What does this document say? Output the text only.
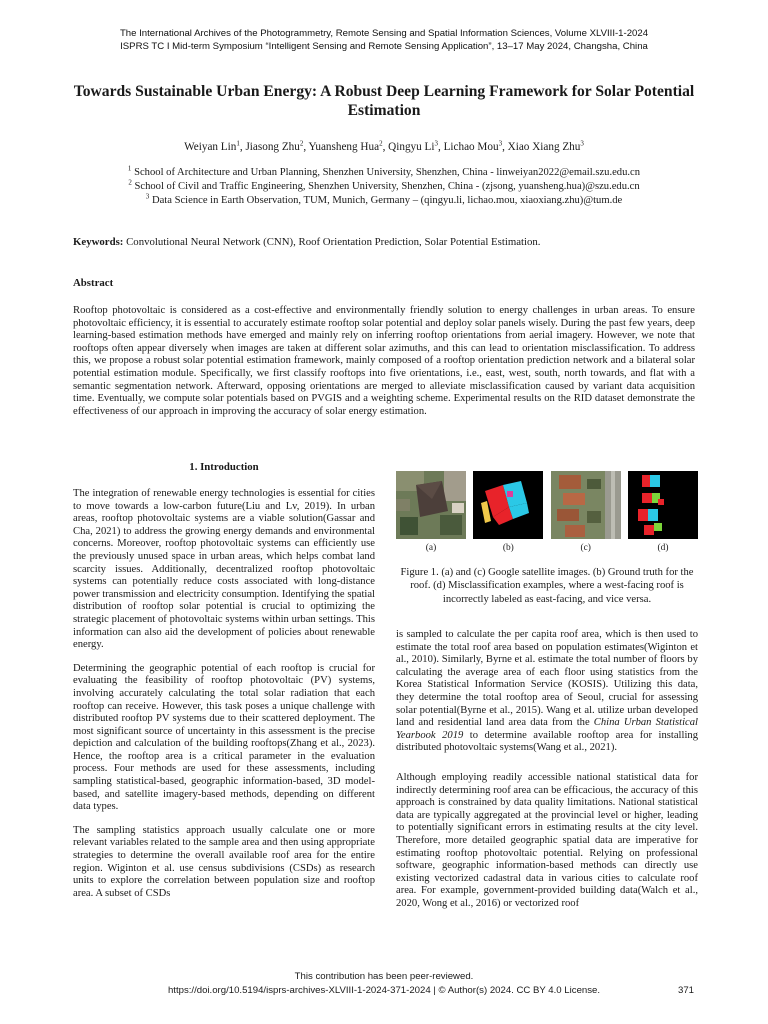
The International Archives of the Photogrammetry, Remote Sensing and Spatial Information Sciences, Volume XLVIII-1-2024
ISPRS TC I Mid-term Symposium “Intelligent Sensing and Remote Sensing Application”, 13–17 May 2024, Changsha, China
Towards Sustainable Urban Energy: A Robust Deep Learning Framework for Solar Potential Estimation
Weiyan Lin$^1$, Jiasong Zhu$^2$, Yuansheng Hua$^2$, Qingyu Li$^3$, Lichao Mou$^3$, Xiao Xiang Zhu$^3$
$^1$ School of Architecture and Urban Planning, Shenzhen University, Shenzhen, China - linweiyan2022@email.szu.edu.cn
$^2$ School of Civil and Traffic Engineering, Shenzhen University, Shenzhen, China - (zjsong, yuansheng.hua)@szu.edu.cn
$^3$ Data Science in Earth Observation, TUM, Munich, Germany – (qingyu.li, lichao.mou, xiaoxiang.zhu)@tum.de
Keywords: Convolutional Neural Network (CNN), Roof Orientation Prediction, Solar Potential Estimation.
Abstract
Rooftop photovoltaic is considered as a cost-effective and environmentally friendly solution to energy challenges in urban areas. To ensure photovoltaic efficiency, it is essential to accurately estimate rooftop solar potential and deploy solar panels wisely. During the past few years, deep learning-based estimation methods have emerged and mainly rely on inferring rooftop orientations from aerial imagery. However, we note that rooftops often appear diversely when images are taken at different solar azimuths, and this can lead to orientation misclassification. To address this, we propose a robust solar potential estimation framework, mainly composed of a rooftop orientation prediction network and a bilateral solar potential estimation module. Specifically, we first classify rooftops into five orientations, i.e., east, west, south, north towards, and flat with a semantic segmentation network. Afterward, opposing orientations are merged to alleviate misclassification caused by variant data acquisition time. Eventually, we compute solar potentials based on PVGIS and a weighting scheme. Experimental results on the RID dataset demonstrate the effectiveness of our approach in improving the accuracy of solar energy estimation.
1. Introduction

The integration of renewable energy technologies is essential for cities to move towards a low-carbon future(Liu and Lv, 2019). In urban areas, rooftop photovoltaic systems are a viable solution(Gassar and Cha, 2021) to address the growing energy demands and environmental concerns. Moreover, rooftop photovoltaic systems can efficiently use the previously unused space in urban areas, which helps combat land scarcity issues. Additionally, decentralized rooftop photovoltaic systems can potentially reduce costs associated with long-distance power transmission and electricity consumption. Identifying the spatial distribution of rooftop solar potential is crucial to optimizing the strategic placement of photovoltaic systems within urban settings. This information can also aid the development of policies about renewable energy.

Determining the geographic potential of each rooftop is crucial for evaluating the feasibility of rooftop photovoltaic (PV) systems, involving accurately calculating the total solar radiation that each rooftop can receive. However, this task poses a unique challenge with distributed rooftop PV systems due to their scattered deployment. The most significant source of uncertainty in this assessment is the precise depiction and calculation of the building rooftops(Zhang et al., 2023). Hence, the rooftop area is a critical parameter in the evaluation process. Four methods are used for these assessments, including sampling statistical-based, geographic information-based, 3D model-based, and satellite imagery-based methods, depending on different data types.

The sampling statistics approach usually calculate one or more relevant variables related to the sample area and then using appropriate strategies to determine the overall available roof area for the entire region. Wiginton et al. use census subdivisions (CSDs) as research units to explore the correlation between population size and rooftop area. A subset of CSDs

(a)	(b)	(c)	(d)
Figure 1. (a) and (c) Google satellite images. (b) Ground truth for the roof. (d) Misclassification examples, where a west-facing roof is incorrectly labeled as east-facing, and vice versa.

is sampled to calculate the per capita roof area, which is then used to estimate the total roof area based on population estimates(Wiginton et al., 2010). Similarly, Byrne et al. estimate the total number of floors by calculating the average area of each floor using statistics from the Korea Statistical Information Service (KOSIS). Utilizing this data, they determine the total rooftop area of Seoul, crucial for assessing solar potential(Byrne et al., 2015). Wang et al. utilize urban developed land and residential land area data from the China Urban Statistical Yearbook 2019 to determine available rooftop area for installing distributed photovoltaic systems(Wang et al., 2021).

Although employing readily accessible national statistical data for indirectly determining roof area can be efficacious, the accuracy of this approach is constrained by data quality limitations. National statistical data are typically aggregated at the provincial level or higher, leading to potentially significant errors in estimating results at the city level. Therefore, more detailed geographic spatial data are imperative for estimating rooftop photovoltaic potential. Relying on professional software, geographic information-based methods can directly use existing vectorized cadastral data in various cities to calculate roof area. For example, government-provided building data(Walch et al., 2020, Wong et al., 2016) or vectorized roof

This contribution has been peer-reviewed.
https://doi.org/10.5194/isprs-archives-XLVIII-1-2024-371-2024 | © Author(s) 2024. CC BY 4.0 License.	371
